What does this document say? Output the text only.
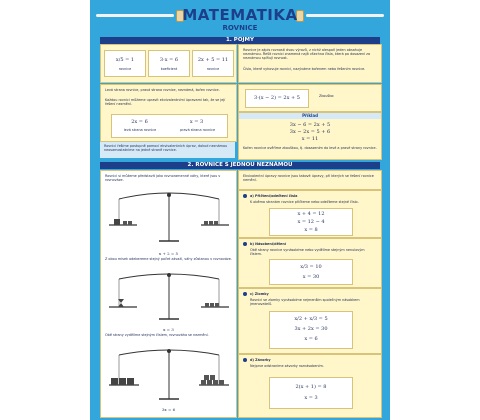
MATEMATIKA
ROVNICE
1. POJMY
x/5 = 1
rovnice
3·x = 6
koeficient
2x + 5 = 11
rovnice
Rovnice je zápis rovnosti dvou výrazů, z nichž alespoň jeden obsahuje neznámou. Řešit rovnici znamená najít všechna čísla, která po dosazení za neznámou splňují rovnost.
Číslo, které vyhovuje rovnici, nazýváme kořenem nebo řešením rovnice.
Levá strana rovnice, pravá strana rovnice, neznámá, kořen rovnice.
Každou rovnici můžeme upravit ekvivalentními úpravami tak, že se její řešení nezmění.
2x = 6
levá strana rovnice
x = 3
pravá strana rovnice
3·(x − 2) = 2x + 5	Zkouška:
Příklad
3x − 6 = 2x + 5
3x − 2x = 5 + 6
x = 11
Kořen rovnice ověříme zkouškou, tj. dosazením do levé a pravé strany rovnice.
Rovnici řešíme postupně pomocí ekvivalentních úprav, dokud neznámou neosamostatníme na jedné straně rovnice.
2. ROVNICE S JEDNOU NEZNÁMOU
Rovnici si můžeme představit jako rovnoramenné váhy, které jsou v rovnováze.
x + 2 = 5
Z obou misek odebereme stejný počet závaží, váhy zůstanou v rovnováze.
x = 3
Obě strany vydělíme stejným číslem, rovnováha se nezmění.
3x = 6
Ekvivalentní úpravy rovnice jsou takové úpravy, při kterých se řešení rovnice nemění.
a) Přičtení/odečtení čísla
K oběma stranám rovnice přičteme nebo odečteme stejné číslo.
x + 4 = 12
x = 12 − 4
x = 8
b) Násobení/dělení
Obě strany rovnice vynásobíme nebo vydělíme stejným nenulovým číslem.
x/3 = 10
x = 30
c) Zlomky
Rovnici se zlomky vynásobíme nejmenším společným násobkem jmenovatelů.
x/2 + x/3 = 5
3x + 2x = 30
x = 6
d) Závorky
Nejprve odstraníme závorky roznásobením.
2(x + 1) = 8
x = 3
